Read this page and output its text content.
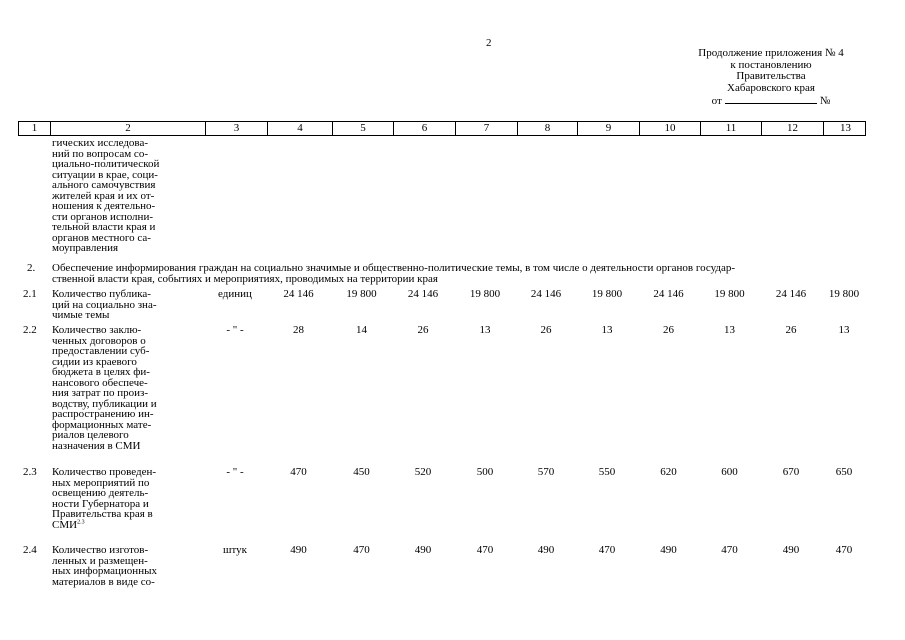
2
Продолжение приложения № 4
к постановлению
Правительства
Хабаровского края
от	№
1	2	3	4	5	6	7	8	9	10	11	12	13
гических исследова-
ний по вопросам со-
циально-политической
ситуации в крае, соци-
ального самочувствия
жителей края и их от-
ношения к деятельно-
сти органов исполни-
тельной власти края и
органов местного са-
моуправления
2. Обеспечение информирования граждан на социально значимые и общественно-политические темы, в том числе о деятельности органов государ-
ственной власти края, событиях и мероприятиях, проводимых на территории края
2.1 Количество публика-
ций на социально зна-
чимые темы
единиц	24 146	19 800	24 146	19 800	24 146	19 800	24 146	19 800	24 146	19 800
2.2 Количество заклю-
ченных договоров о
предоставлении суб-
сидии из краевого
бюджета в целях фи-
нансового обеспече-
ния затрат по произ-
водству, публикации и
распространению ин-
формационных мате-
риалов целевого
назначения в СМИ
- " -	28	14	26	13	26	13	26	13	26	13
2.3 Количество проведен-
ных мероприятий по
освещению деятель-
ности Губернатора и
Правительства края в
$СМИ^{2.3}$
- " -	470	450	520	500	570	550	620	600	670	650
2.4 Количество изготов-
ленных и размещен-
ных информационных
материалов в виде со-
штук	490	470	490	470	490	470	490	470	490	470
